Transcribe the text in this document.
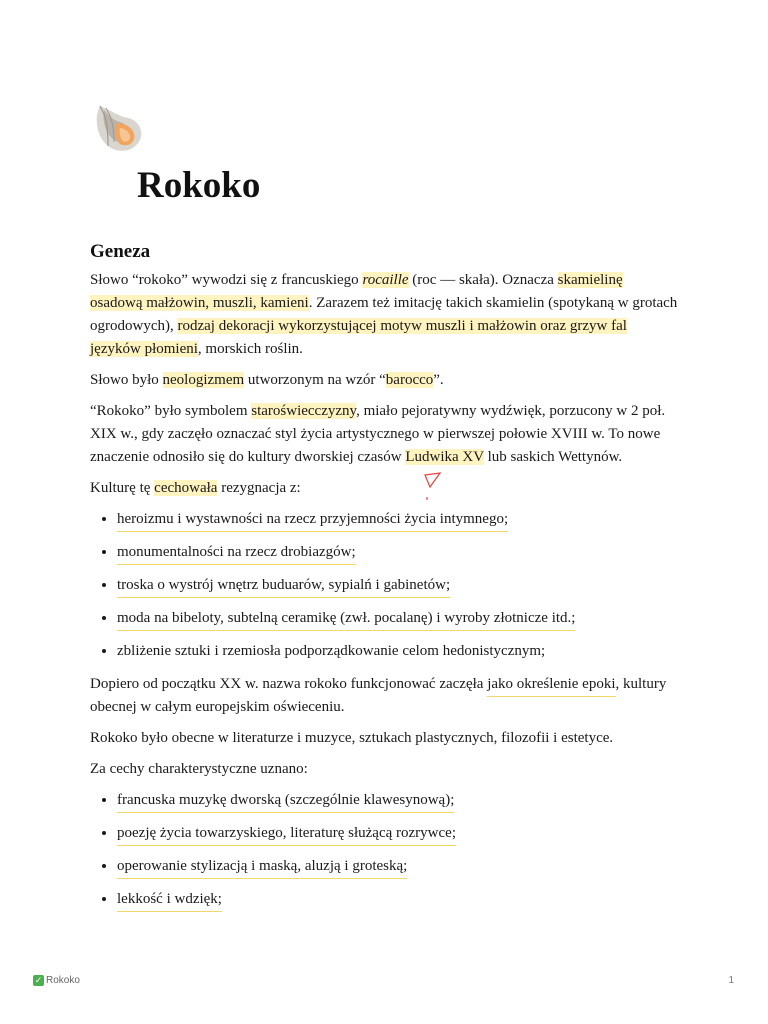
Rokoko
Geneza

Słowo “rokoko” wywodzi się z francuskiego rocaille (roc — skała). Oznacza skamielinę osadową małżowin, muszli, kamieni. Zarazem też imitację takich skamielin (spotykaną w grotach ogrodowych), rodzaj dekoracji wykorzystującej motyw muszli i małżowin oraz grzyw fal języków płomieni, morskich roślin.

Słowo było neologizmem utworzonym na wzór “barocco”.

“Rokoko” było symbolem staroświecczyzny, miało pejoratywny wydźwięk, porzucony w 2 poł. XIX w., gdy zaczęło oznaczać styl życia artystycznego w pierwszej połowie XVIII w. To nowe znaczenie odnosiło się do kultury dworskiej czasów Ludwika XV lub saskich Wettynów.

Kulturę tę cechowała rezygnacja z:

• heroizmu i wystawności na rzecz przyjemności życia intymnego;
• monumentalności na rzecz drobiazgów;
• troska o wystrój wnętrz buduarów, sypialń i gabinetów;
• moda na bibeloty, subtelną ceramikę (zwł. pocalanę) i wyroby złotnicze itd.;
• zbliżenie sztuki i rzemiosła podporządkowanie celom hedonistycznym;

Dopiero od początku XX w. nazwa rokoko funkcjonować zaczęła jako określenie epoki, kultury obecnej w całym europejskim oświeceniu.

Rokoko było obecne w literaturze i muzyce, sztukach plastycznych, filozofii i estetyce.

Za cechy charakterystyczne uznano:

• francuska muzykę dworską (szczególnie klawesynową);
• poezję życia towarzyskiego, literaturę służącą rozrywce;
• operowanie stylizacją i maską, aluzją i groteską;
• lekkość i wdzięk;
✓ Rokoko	1
